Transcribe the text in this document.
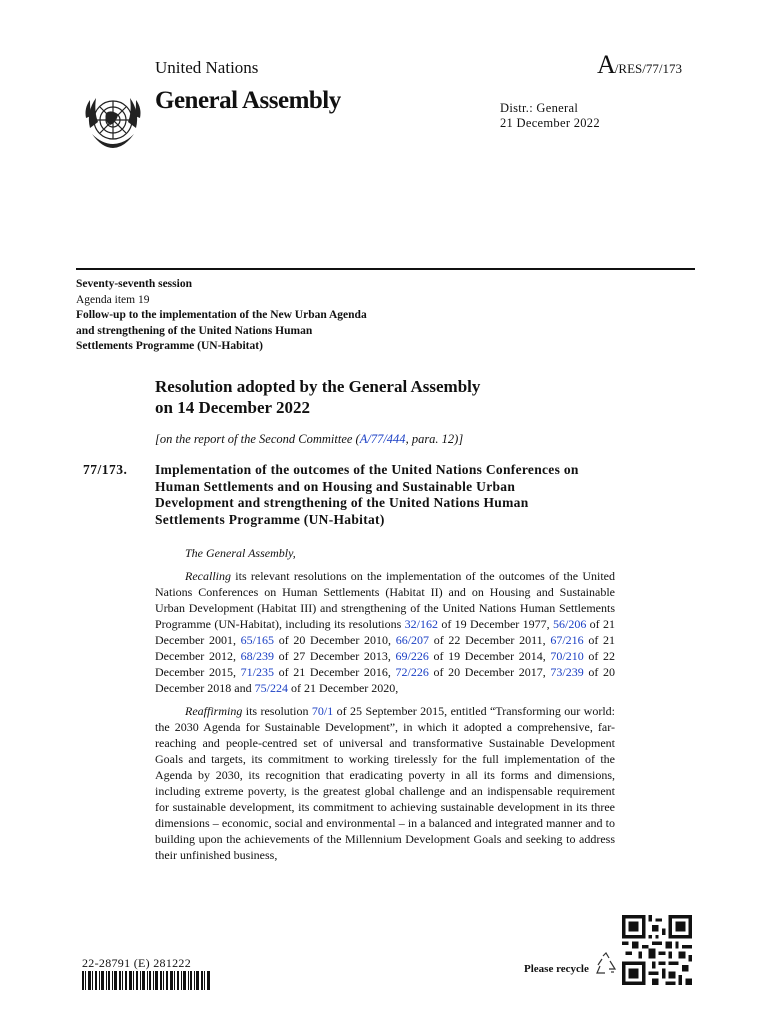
United Nations	A/RES/77/173
General Assembly	Distr.: General
21 December 2022
Seventy-seventh session
Agenda item 19
Follow-up to the implementation of the New Urban Agenda
and strengthening of the United Nations Human
Settlements Programme (UN-Habitat)
Resolution adopted by the General Assembly
on 14 December 2022
[on the report of the Second Committee (A/77/444, para. 12)]
77/173. Implementation of the outcomes of the United Nations Conferences on Human Settlements and on Housing and Sustainable Urban Development and strengthening of the United Nations Human Settlements Programme (UN-Habitat)

The General Assembly,

Recalling its relevant resolutions on the implementation of the outcomes of the United Nations Conferences on Human Settlements (Habitat II) and on Housing and Sustainable Urban Development (Habitat III) and strengthening of the United Nations Human Settlements Programme (UN-Habitat), including its resolutions 32/162 of 19 December 1977, 56/206 of 21 December 2001, 65/165 of 20 December 2010, 66/207 of 22 December 2011, 67/216 of 21 December 2012, 68/239 of 27 December 2013, 69/226 of 19 December 2014, 70/210 of 22 December 2015, 71/235 of 21 December 2016, 72/226 of 20 December 2017, 73/239 of 20 December 2018 and 75/224 of 21 December 2020,

Reaffirming its resolution 70/1 of 25 September 2015, entitled “Transforming our world: the 2030 Agenda for Sustainable Development”, in which it adopted a comprehensive, far-reaching and people-centred set of universal and transformative Sustainable Development Goals and targets, its commitment to working tirelessly for the full implementation of the Agenda by 2030, its recognition that eradicating poverty in all its forms and dimensions, including extreme poverty, is the greatest global challenge and an indispensable requirement for sustainable development, its commitment to achieving sustainable development in its three dimensions – economic, social and environmental – in a balanced and integrated manner and to building upon the achievements of the Millennium Development Goals and seeking to address their unfinished business,

22-28791 (E) 281222	Please recycle
